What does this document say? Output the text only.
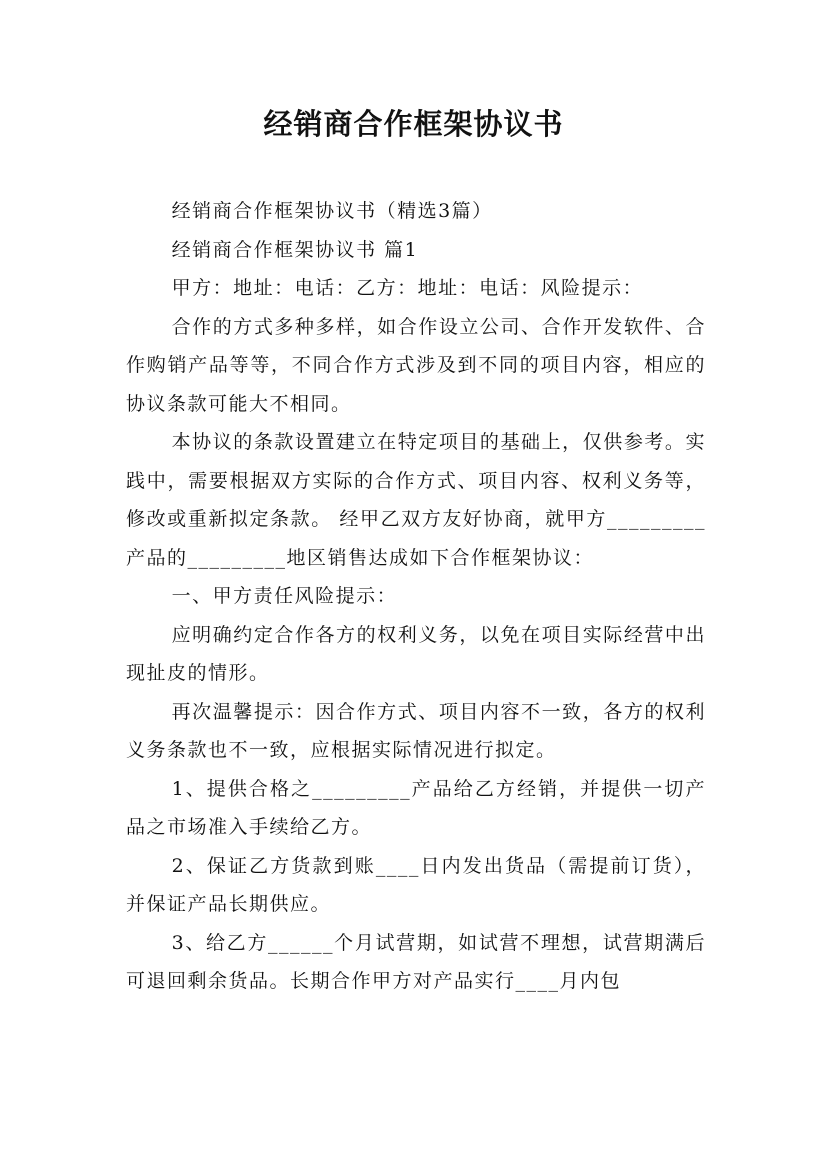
经销商合作框架协议书

经销商合作框架协议书（精选3篇）

经销商合作框架协议书 篇1

甲方：地址：电话：乙方：地址：电话：风险提示：

合作的方式多种多样，如合作设立公司、合作开发软件、合作购销产品等等，不同合作方式涉及到不同的项目内容，相应的协议条款可能大不相同。

本协议的条款设置建立在特定项目的基础上，仅供参考。实践中，需要根据双方实际的合作方式、项目内容、权利义务等，修改或重新拟定条款。 经甲乙双方友好协商，就甲方_________产品的_________地区销售达成如下合作框架协议：

一、甲方责任风险提示：

应明确约定合作各方的权利义务，以免在项目实际经营中出现扯皮的情形。

再次温馨提示：因合作方式、项目内容不一致，各方的权利义务条款也不一致，应根据实际情况进行拟定。

1、提供合格之_________产品给乙方经销，并提供一切产品之市场准入手续给乙方。

2、保证乙方货款到账____日内发出货品（需提前订货），并保证产品长期供应。

3、给乙方______个月试营期，如试营不理想，试营期满后可退回剩余货品。长期合作甲方对产品实行____月内包
